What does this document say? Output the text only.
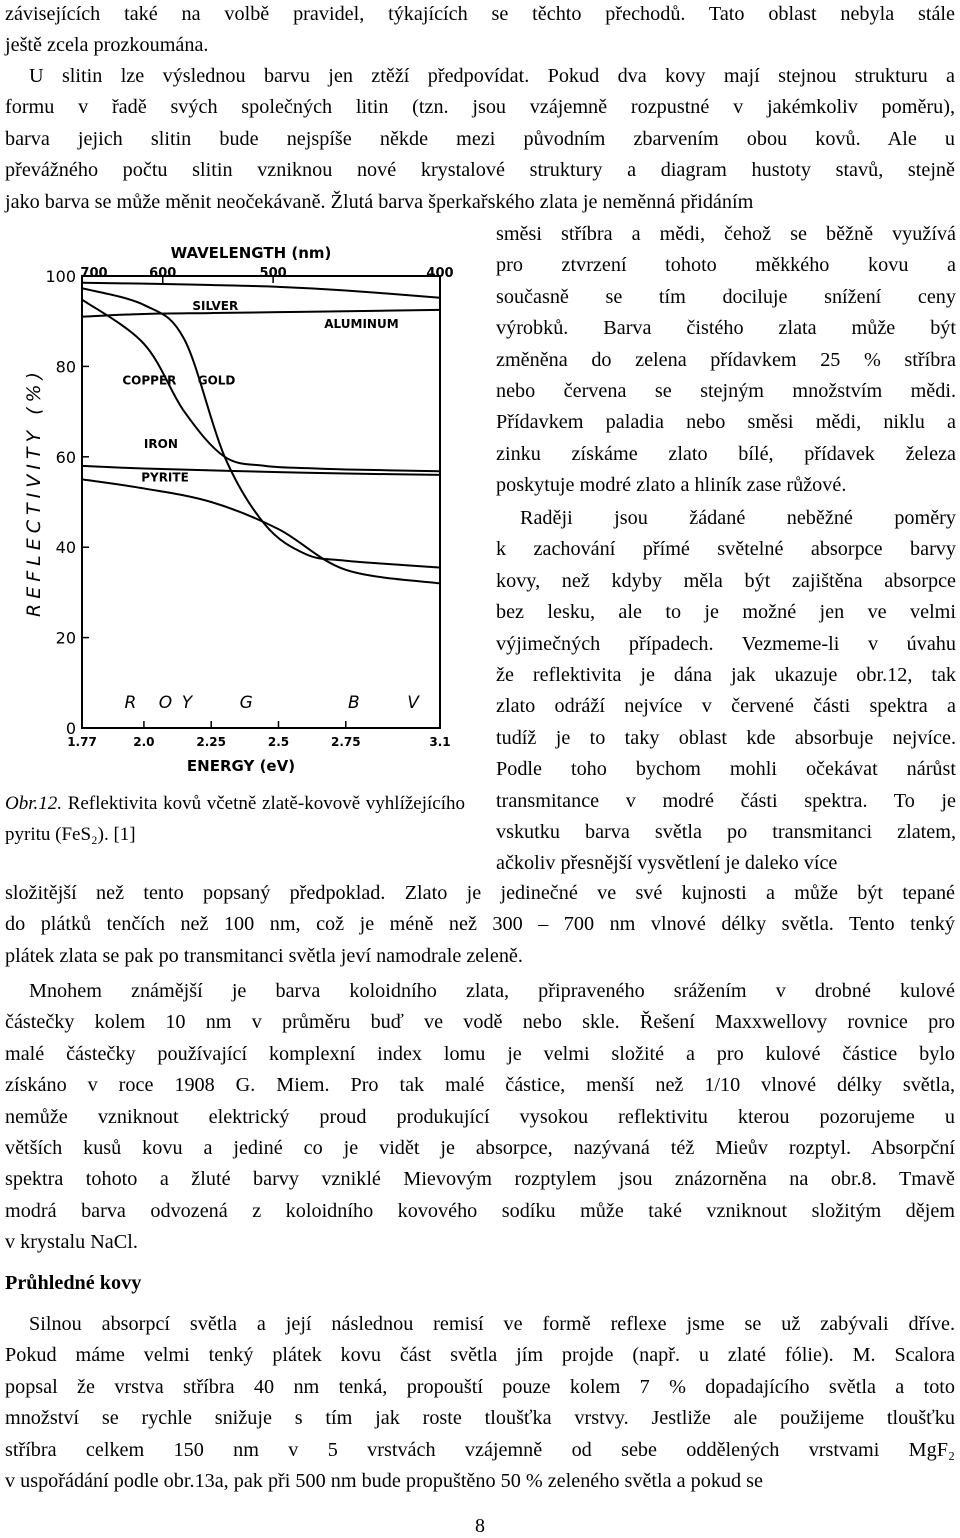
závisejících také na volbě pravidel, týkajících se těchto přechodů. Tato oblast nebyla stále
ještě zcela prozkoumána.
U slitin lze výslednou barvu jen ztěží předpovídat. Pokud dva kovy mají stejnou strukturu a
formu v řadě svých společných litin (tzn. jsou vzájemně rozpustné v jakémkoliv poměru),
barva jejich slitin bude nejspíše někde mezi původním zbarvením obou kovů. Ale u
převážného počtu slitin vzniknou nové krystalové struktury a diagram hustoty stavů, stejně
jako barva se může měnit neočekávaně. Žlutá barva šperkařského zlata je neměnná přidáním
WAVELENGTH (nm)
700	600	500	400
0
20
40
60
80
100
1.77	2.0	2.25	2.5	2.75	3.1
ENERGY (eV)
REFLECTIVITY (%)
R O Y	G	B	V
SILVER
ALUMINUM
GOLD
COPPER
IRON
PYRITE

Obr.12. Reflektivita kovů včetně zlatě-kovově vyhlížejícího pyritu (FeS₂). [1]

směsi stříbra a mědi, čehož se běžně využívá
pro ztvrzení tohoto měkkého kovu a
současně se tím dociluje snížení ceny
výrobků. Barva čistého zlata může být
změněna do zelena přídavkem 25 % stříbra
nebo červena se stejným množstvím mědi.
Přídavkem paladia nebo směsi mědi, niklu a
zinku získáme zlato bílé, přídavek železa
poskytuje modré zlato a hliník zase růžové.
Raději jsou žádané neběžné poměry
k zachování přímé světelné absorpce barvy
kovy, než kdyby měla být zajištěna absorpce
bez lesku, ale to je možné jen ve velmi
výjimečných případech. Vezmeme-li v úvahu
že reflektivita je dána jak ukazuje obr.12, tak
zlato odráží nejvíce v červené části spektra a
tudíž je to taky oblast kde absorbuje nejvíce.
Podle toho bychom mohli očekávat nárůst
transmitance v modré části spektra. To je
vskutku barva světla po transmitanci zlatem,
ačkoliv přesnější vysvětlení je daleko více
složitější než tento popsaný předpoklad. Zlato je jedinečné ve své kujnosti a může být tepané
do plátků tenčích než 100 nm, což je méně než 300 – 700 nm vlnové délky světla. Tento tenký
plátek zlata se pak po transmitanci světla jeví namodrale zeleně.
Mnohem známější je barva koloidního zlata, připraveného srážením v drobné kulové
částečky kolem 10 nm v průměru buď ve vodě nebo skle. Řešení Maxxwellovy rovnice pro
malé částečky používající komplexní index lomu je velmi složité a pro kulové částice bylo
získáno v roce 1908 G. Miem. Pro tak malé částice, menší než 1/10 vlnové délky světla,
nemůže vzniknout elektrický proud produkující vysokou reflektivitu kterou pozorujeme u
větších kusů kovu a jediné co je vidět je absorpce, nazývaná též Mieův rozptyl. Absorpční
spektra tohoto a žluté barvy vzniklé Mievovým rozptylem jsou znázorněna na obr.8. Tmavě
modrá barva odvozená z koloidního kovového sodíku může také vzniknout složitým dějem
v krystalu NaCl.
Průhledné kovy
Silnou absorpcí světla a její následnou remisí ve formě reflexe jsme se už zabývali dříve.
Pokud máme velmi tenký plátek kovu část světla jím projde (např. u zlaté fólie). M. Scalora
popsal že vrstva stříbra 40 nm tenká, propouští pouze kolem 7 % dopadajícího světla a toto
množství se rychle snižuje s tím jak roste tloušťka vrstvy. Jestliže ale použijeme tloušťku
stříbra celkem 150 nm v 5 vrstvách vzájemně od sebe oddělených vrstvami MgF₂
v uspořádání podle obr.13a, pak při 500 nm bude propuštěno 50 % zeleného světla a pokud se
8
